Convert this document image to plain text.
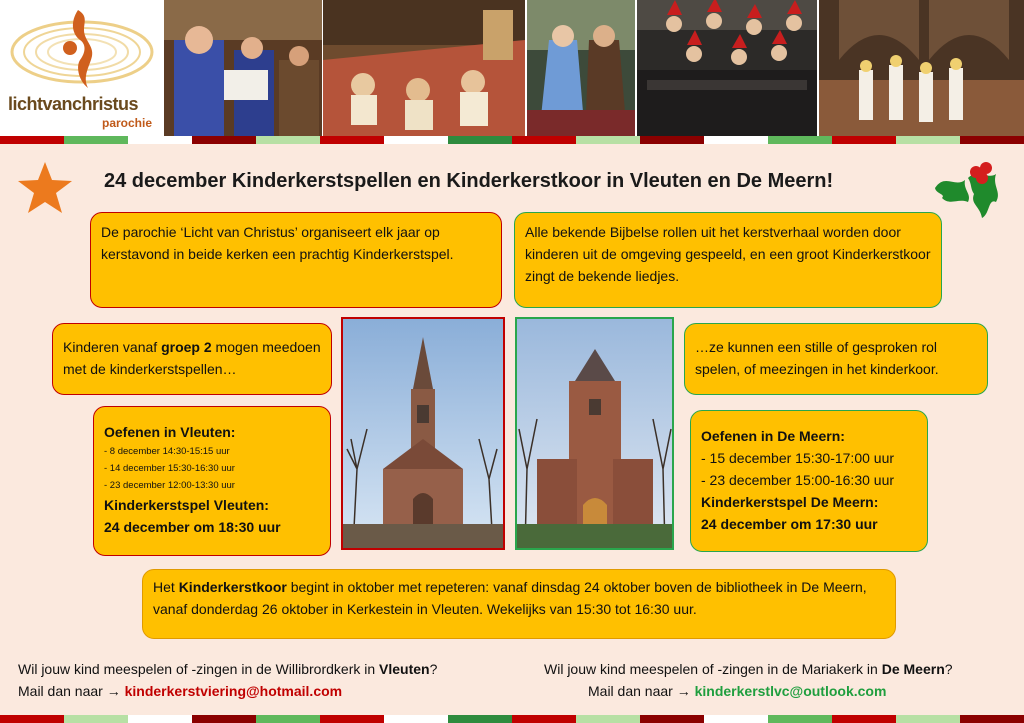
lichtvanchristus
parochie
24 december Kinderkerstspellen en Kinderkerstkoor in Vleuten en De Meern!
De parochie ‘Licht van Christus’ organiseert elk jaar op kerstavond in beide kerken een prachtig Kinderkerstspel.
Alle bekende Bijbelse rollen uit het kerstverhaal worden door kinderen uit de omgeving gespeeld, en een groot Kinderkerstkoor zingt de bekende liedjes.
Kinderen vanaf groep 2 mogen meedoen met de kinderkerstspellen…
…ze kunnen een stille of gesproken rol spelen, of meezingen in het kinderkoor.
Oefenen in Vleuten:
- 8 december 14:30-15:15 uur
- 14 december 15:30-16:30 uur
- 23 december 12:00-13:30 uur
Kinderkerstspel Vleuten:
24 december om 18:30 uur
Oefenen in De Meern:
- 15 december 15:30-17:00 uur
- 23 december 15:00-16:30 uur
Kinderkerstspel De Meern:
24 december om 17:30 uur
Het Kinderkerstkoor begint in oktober met repeteren: vanaf dinsdag 24 oktober boven de bibliotheek in De Meern, vanaf donderdag 26 oktober in Kerkestein in Vleuten. Wekelijks van 15:30 tot 16:30 uur.
Wil jouw kind meespelen of -zingen in de Willibrordkerk in Vleuten?
Mail dan naar → kinderkerstviering@hotmail.com
Wil jouw kind meespelen of -zingen in de Mariakerk in De Meern?
Mail dan naar → kinderkerstlvc@outlook.com
